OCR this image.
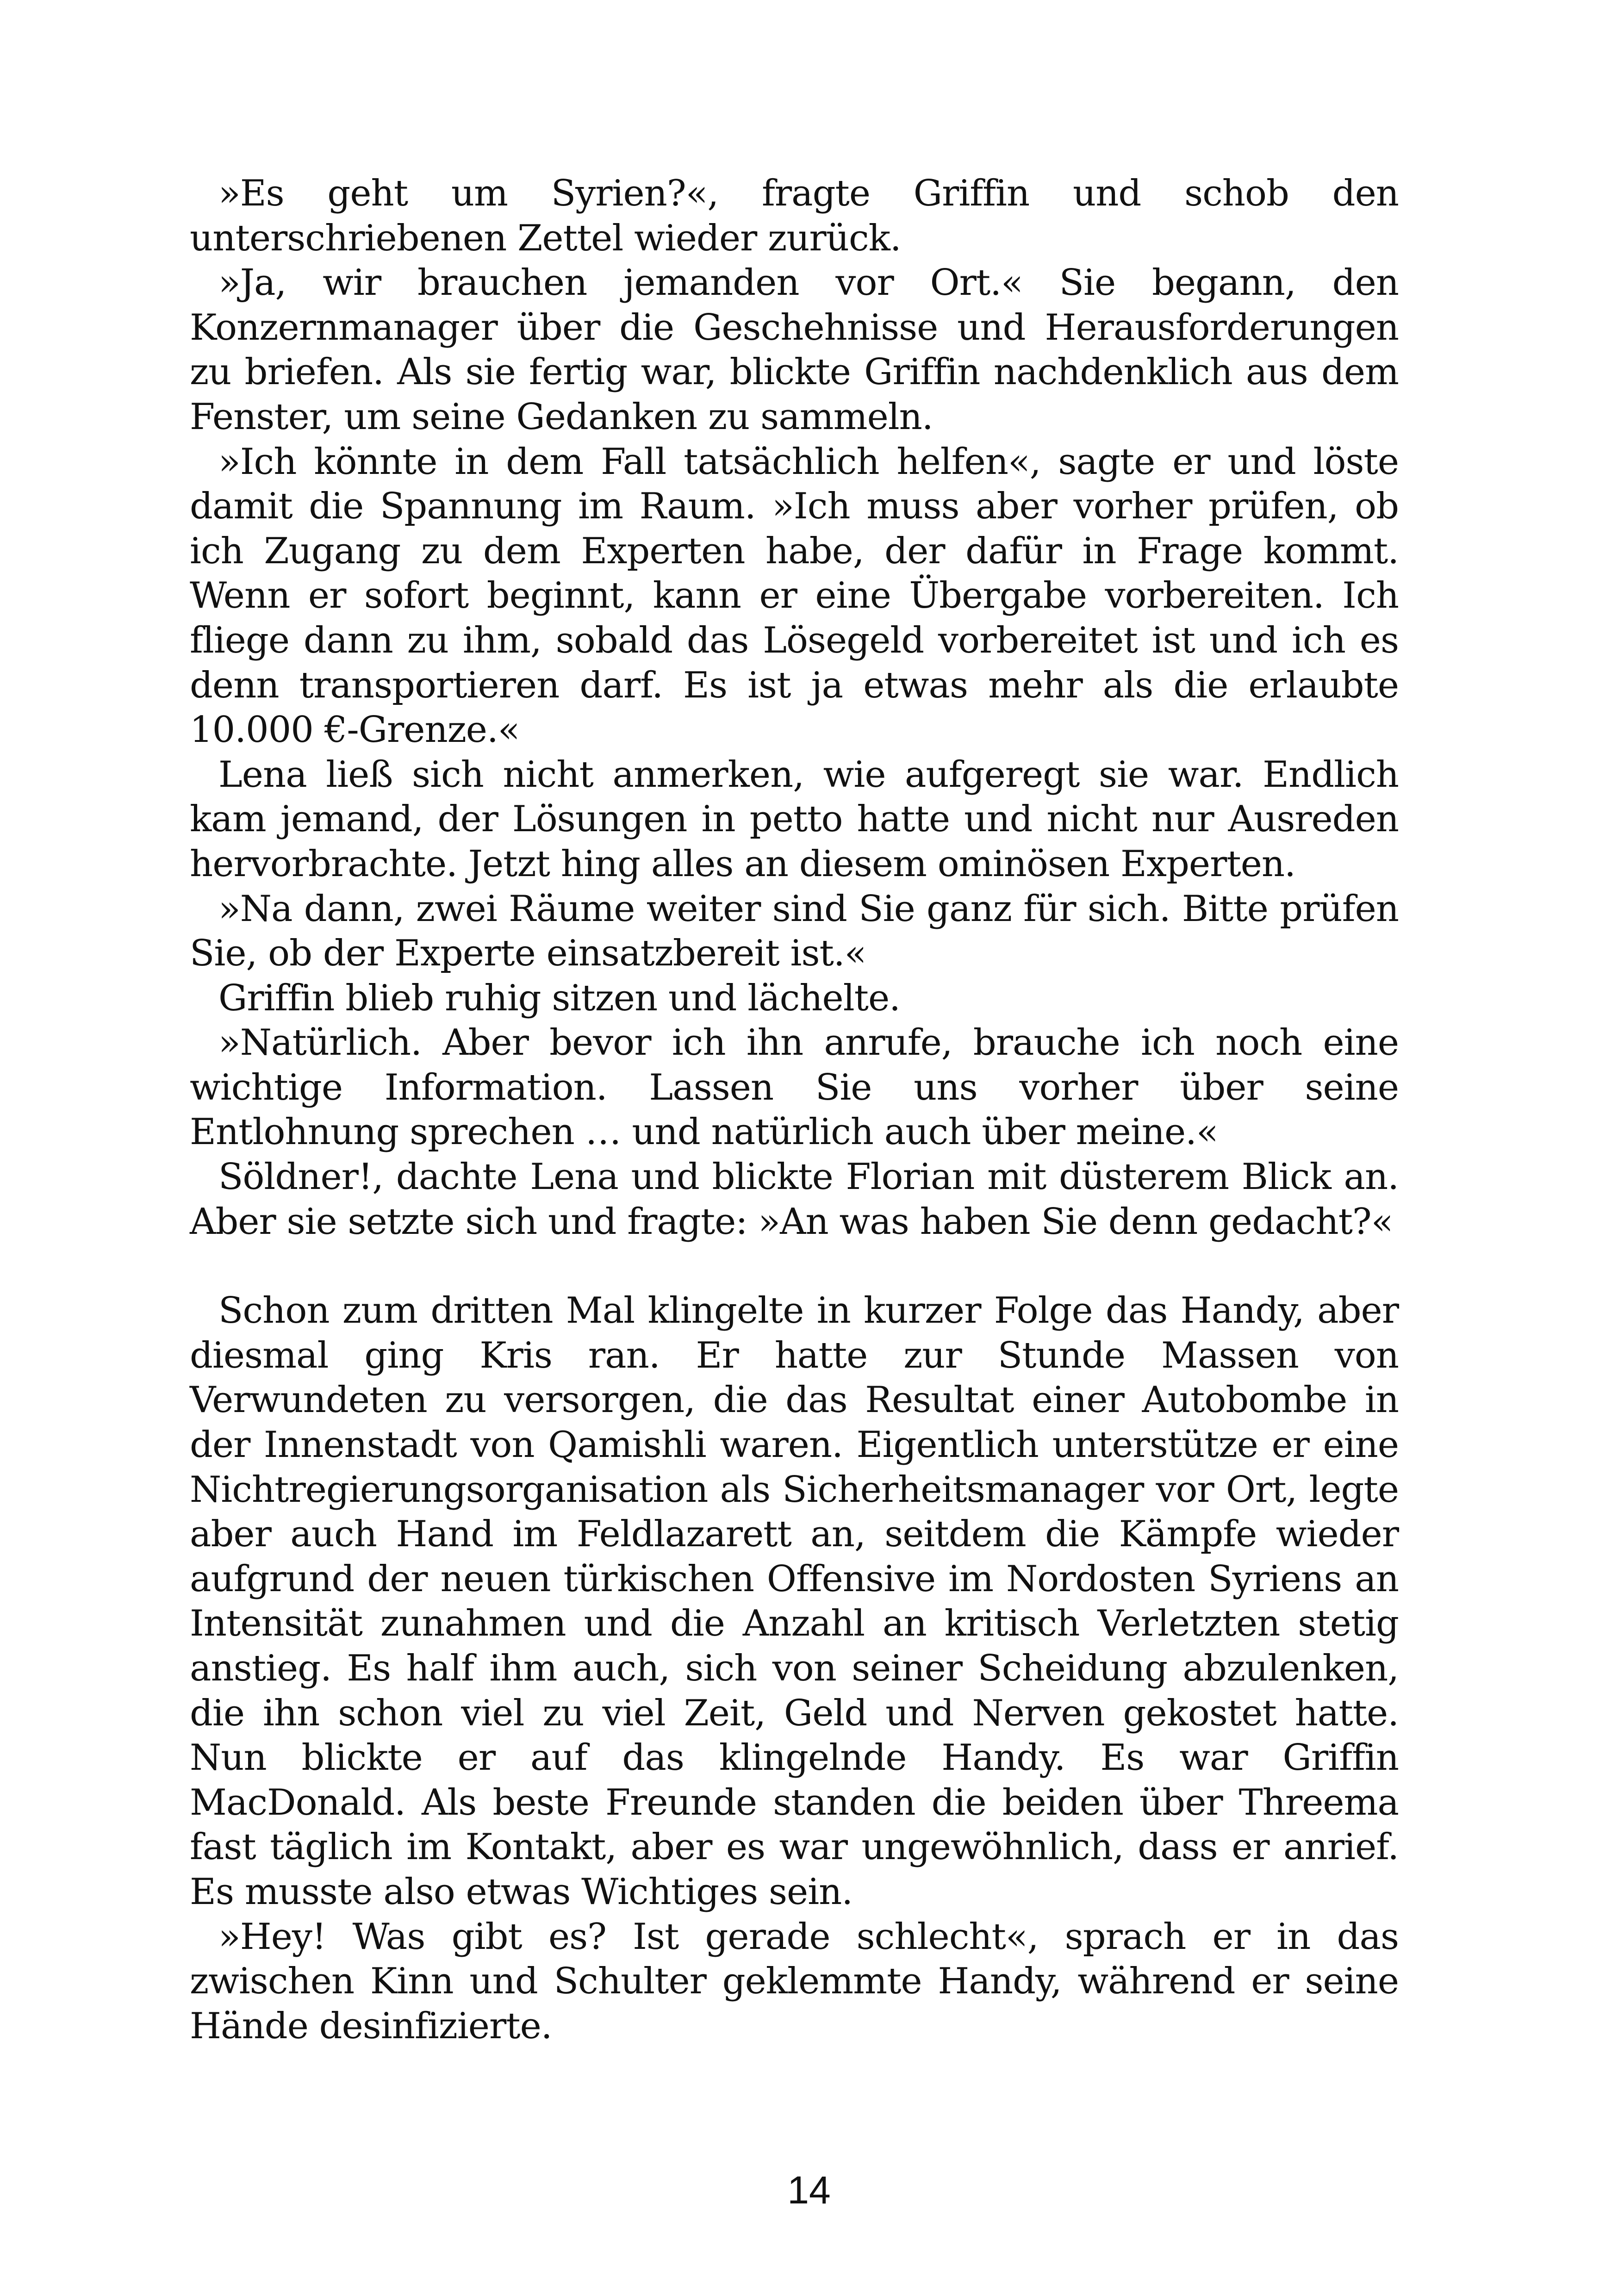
»Es geht um Syrien?«, fragte Griffin und schob den unterschriebenen Zettel wieder zurück.

»Ja, wir brauchen jemanden vor Ort.« Sie begann, den Konzernmanager über die Geschehnisse und Herausforderungen zu briefen. Als sie fertig war, blickte Griffin nachdenklich aus dem Fenster, um seine Gedanken zu sammeln.

»Ich könnte in dem Fall tatsächlich helfen«, sagte er und löste damit die Spannung im Raum. »Ich muss aber vorher prüfen, ob ich Zugang zu dem Experten habe, der dafür in Frage kommt. Wenn er sofort beginnt, kann er eine Übergabe vorbereiten. Ich fliege dann zu ihm, sobald das Lösegeld vorbereitet ist und ich es denn transportieren darf. Es ist ja etwas mehr als die erlaubte 10.000 €-Grenze.«

Lena ließ sich nicht anmerken, wie aufgeregt sie war. Endlich kam jemand, der Lösungen in petto hatte und nicht nur Ausreden hervorbrachte. Jetzt hing alles an diesem ominösen Experten.

»Na dann, zwei Räume weiter sind Sie ganz für sich. Bitte prüfen Sie, ob der Experte einsatzbereit ist.«

Griffin blieb ruhig sitzen und lächelte.

»Natürlich. Aber bevor ich ihn anrufe, brauche ich noch eine wichtige Information. Lassen Sie uns vorher über seine Entlohnung sprechen … und natürlich auch über meine.«

Söldner!, dachte Lena und blickte Florian mit düsterem Blick an. Aber sie setzte sich und fragte: »An was haben Sie denn gedacht?«

Schon zum dritten Mal klingelte in kurzer Folge das Handy, aber diesmal ging Kris ran. Er hatte zur Stunde Massen von Verwundeten zu versorgen, die das Resultat einer Autobombe in der Innenstadt von Qamishli waren. Eigentlich unterstütze er eine Nichtregierungsorganisation als Sicherheitsmanager vor Ort, legte aber auch Hand im Feldlazarett an, seitdem die Kämpfe wieder aufgrund der neuen türkischen Offensive im Nordosten Syriens an Intensität zunahmen und die Anzahl an kritisch Verletzten stetig anstieg. Es half ihm auch, sich von seiner Scheidung abzulenken, die ihn schon viel zu viel Zeit, Geld und Nerven gekostet hatte. Nun blickte er auf das klingelnde Handy. Es war Griffin MacDonald. Als beste Freunde standen die beiden über Threema fast täglich im Kontakt, aber es war ungewöhnlich, dass er anrief. Es musste also etwas Wichtiges sein.

»Hey! Was gibt es? Ist gerade schlecht«, sprach er in das zwischen Kinn und Schulter geklemmte Handy, während er seine Hände desinfizierte.

14
